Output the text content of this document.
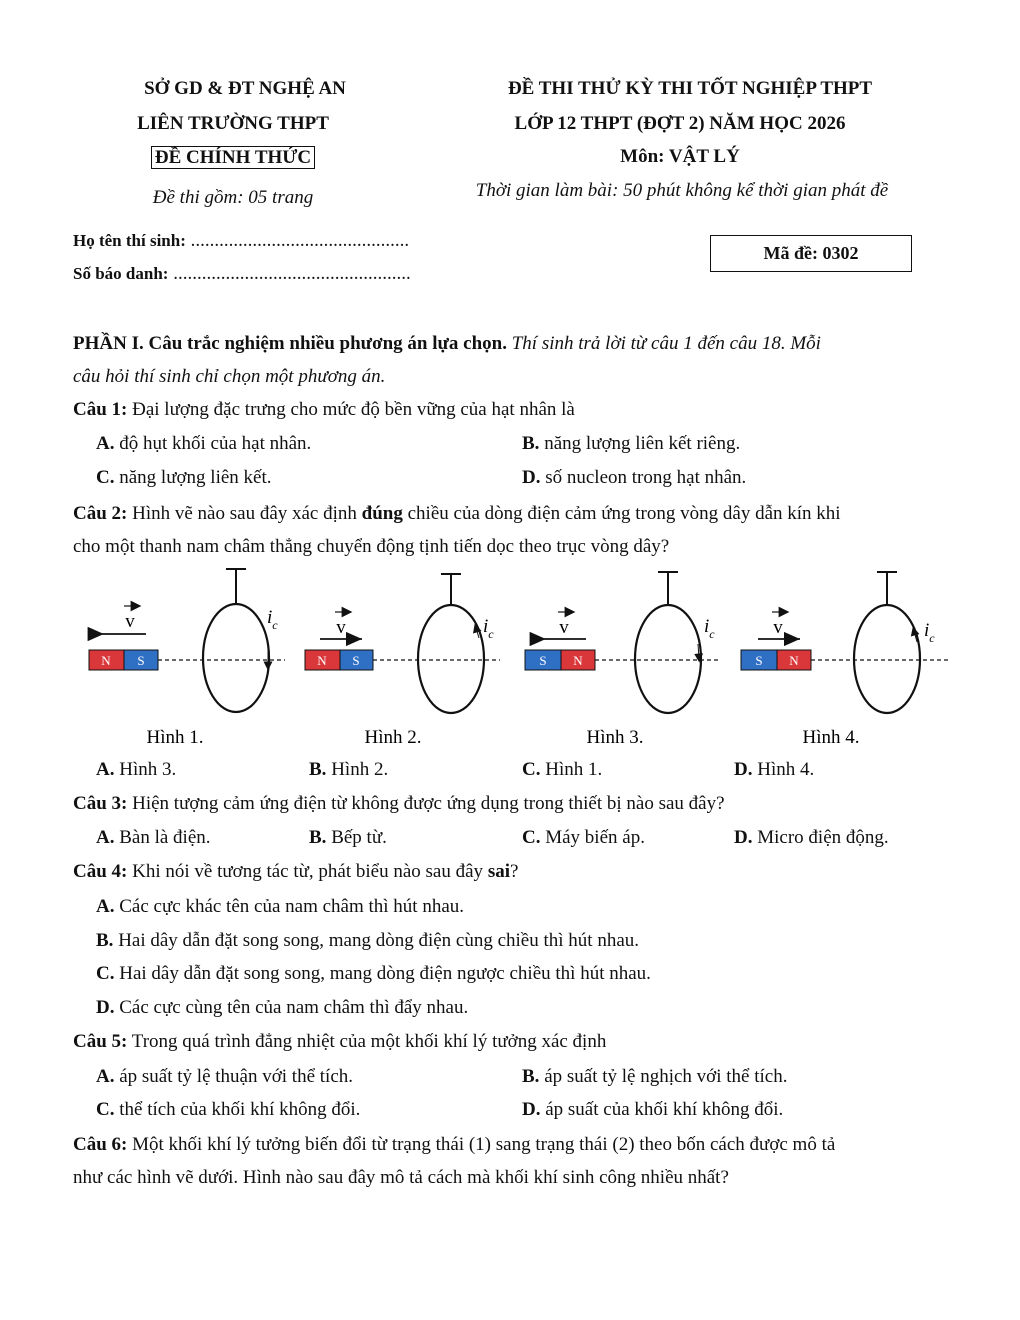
SỞ GD & ĐT NGHỆ AN
LIÊN TRƯỜNG THPT
ĐỀ CHÍNH THỨC
Đề thi gồm: 05 trang
ĐỀ THI THỬ KỲ THI TỐT NGHIỆP THPT
LỚP 12 THPT (ĐỢT 2) NĂM HỌC 2026
Môn: VẬT LÝ
Thời gian làm bài: 50 phút không kể thời gian phát đề
Họ tên thí sinh: ..............................................
Số báo danh: ..................................................
Mã đề: 0302
PHẦN I. Câu trắc nghiệm nhiều phương án lựa chọn. Thí sinh trả lời từ câu 1 đến câu 18. Mỗi
câu hỏi thí sinh chỉ chọn một phương án.
Câu 1: Đại lượng đặc trưng cho mức độ bền vững của hạt nhân là
A. độ hụt khối của hạt nhân.	B. năng lượng liên kết riêng.
C. năng lượng liên kết.	D. số nucleon trong hạt nhân.
Câu 2: Hình vẽ nào sau đây xác định đúng chiều của dòng điện cảm ứng trong vòng dây dẫn kín khi
cho một thanh nam châm thẳng chuyển động tịnh tiến dọc theo trục vòng dây?
N S
v	$i_c$
Hình 1.
N S
v	$i_c$
Hình 2.
S N
v	$i_c$
Hình 3.
S N
v	$i_c$
Hình 4.
A. Hình 3.	B. Hình 2.	C. Hình 1.	D. Hình 4.
Câu 3: Hiện tượng cảm ứng điện từ không được ứng dụng trong thiết bị nào sau đây?
A. Bàn là điện.	B. Bếp từ.	C. Máy biến áp.	D. Micro điện động.
Câu 4: Khi nói về tương tác từ, phát biểu nào sau đây sai?
A. Các cực khác tên của nam châm thì hút nhau.
B. Hai dây dẫn đặt song song, mang dòng điện cùng chiều thì hút nhau.
C. Hai dây dẫn đặt song song, mang dòng điện ngược chiều thì hút nhau.
D. Các cực cùng tên của nam châm thì đẩy nhau.
Câu 5: Trong quá trình đẳng nhiệt của một khối khí lý tưởng xác định
A. áp suất tỷ lệ thuận với thể tích.	B. áp suất tỷ lệ nghịch với thể tích.
C. thể tích của khối khí không đổi.	D. áp suất của khối khí không đổi.
Câu 6: Một khối khí lý tưởng biến đổi từ trạng thái (1) sang trạng thái (2) theo bốn cách được mô tả
như các hình vẽ dưới. Hình nào sau đây mô tả cách mà khối khí sinh công nhiều nhất?
